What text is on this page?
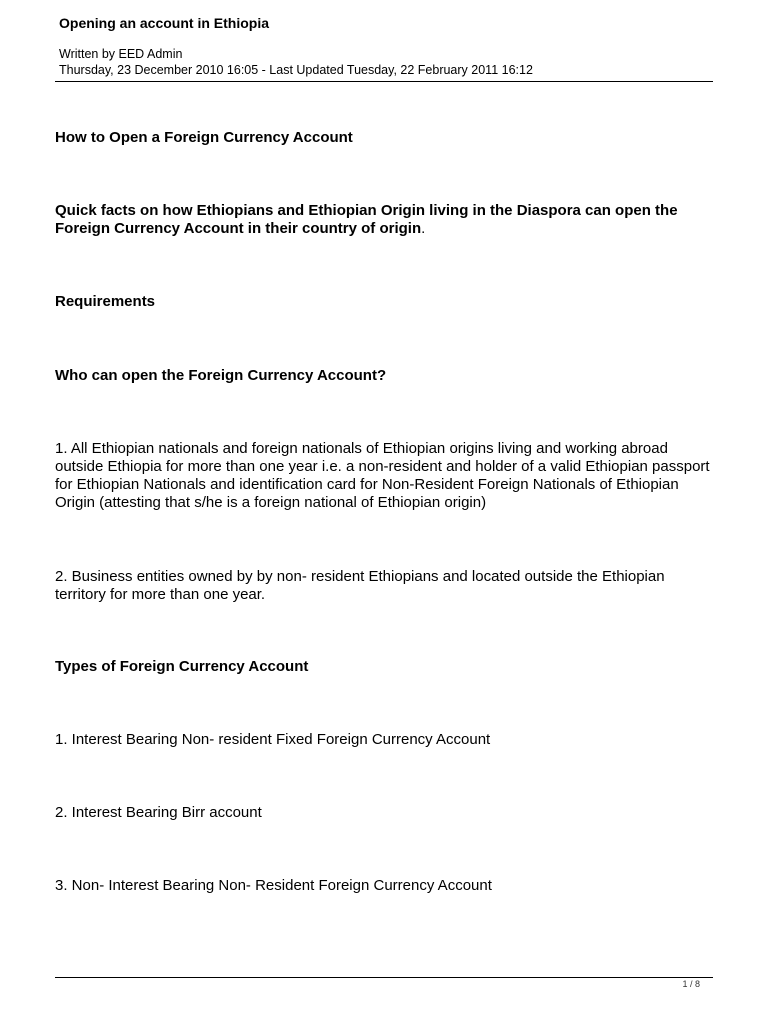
Opening an account in Ethiopia
Written by EED Admin
Thursday, 23 December 2010 16:05 - Last Updated Tuesday, 22 February 2011 16:12
How to Open a Foreign Currency Account
Quick facts on how Ethiopians and Ethiopian Origin living in the Diaspora can open the Foreign Currency Account in their country of origin.
Requirements
Who can open the Foreign Currency Account?
1. All Ethiopian nationals and foreign nationals of Ethiopian origins living and working abroad outside Ethiopia for more than one year i.e. a non-resident and holder of a valid Ethiopian passport for Ethiopian Nationals and identification card for Non-Resident Foreign Nationals of Ethiopian Origin (attesting that s/he is a foreign national of Ethiopian origin)
2. Business entities owned by by non- resident Ethiopians and located outside the Ethiopian territory for more than one year.
Types of Foreign Currency Account
1. Interest Bearing Non- resident Fixed Foreign Currency Account
2. Interest Bearing Birr account
3. Non- Interest Bearing Non- Resident Foreign Currency Account
1 / 8
